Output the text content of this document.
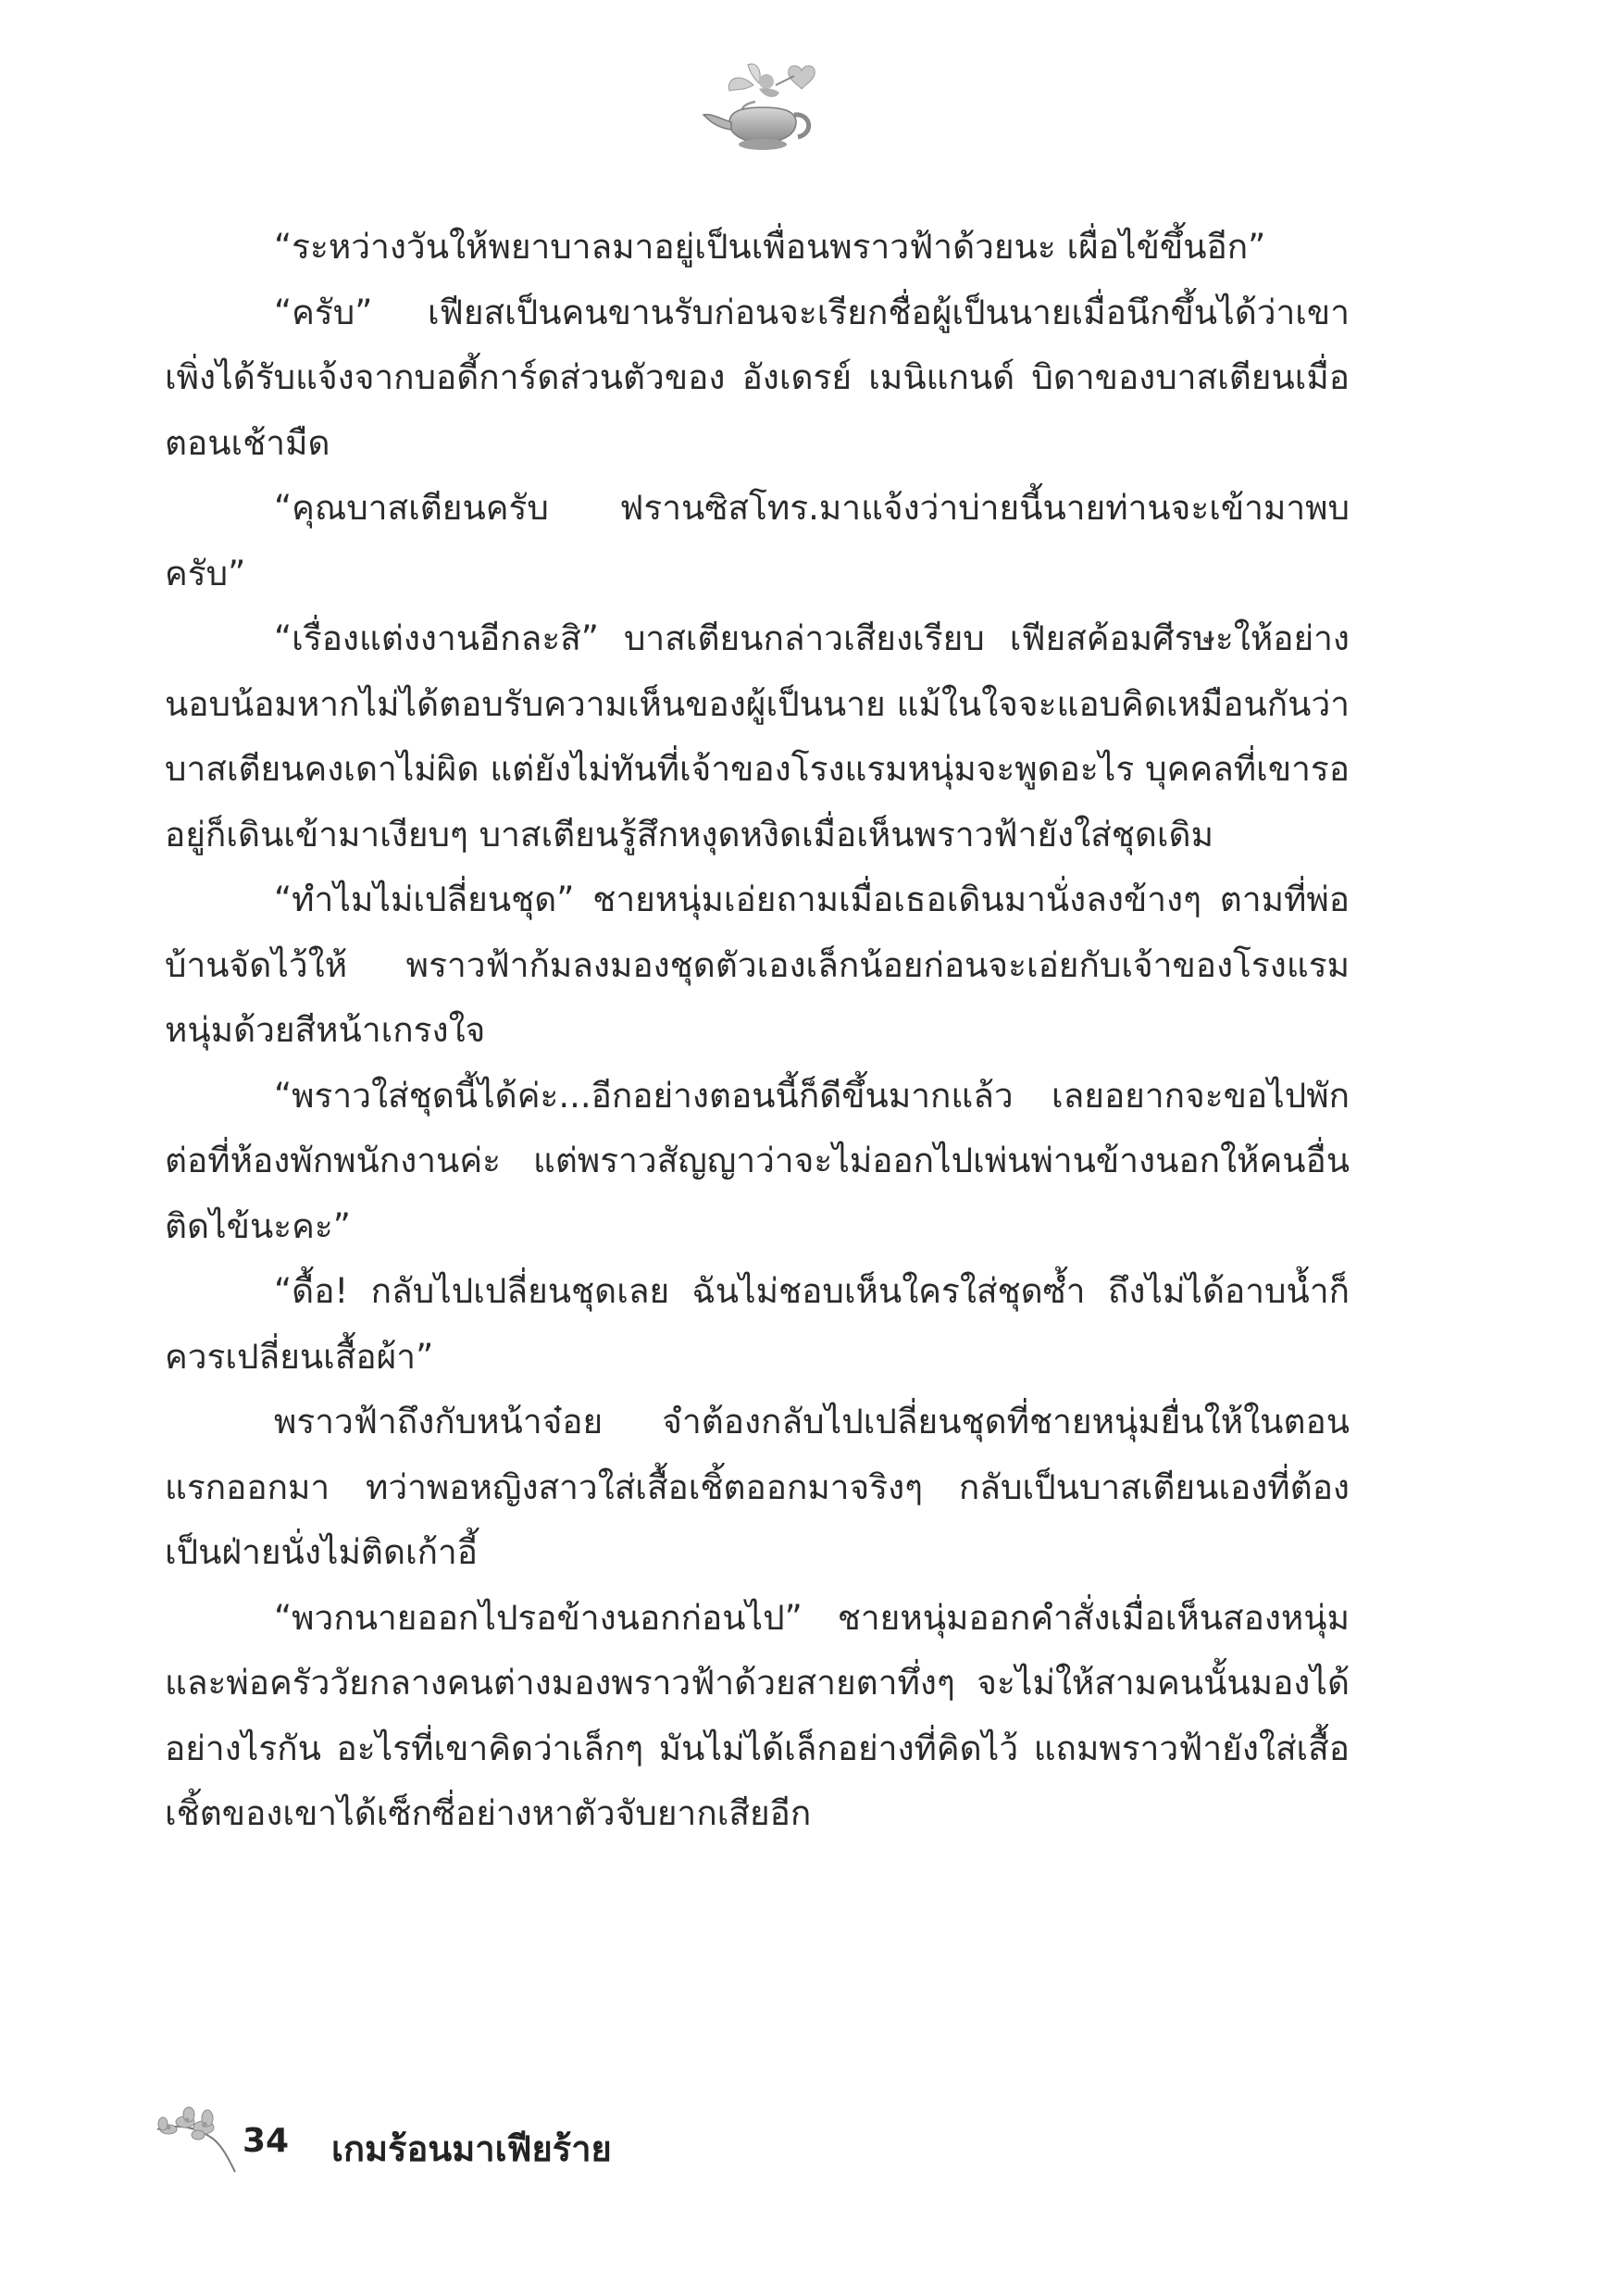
“ระหว่างวันให้พยาบาลมาอยู่เป็นเพื่อนพราวฟ้าด้วยนะ เผื่อไข้ขึ้นอีก”

“ครับ” เฟียสเป็นคนขานรับก่อนจะเรียกชื่อผู้เป็นนายเมื่อนึกขึ้นได้ว่าเขาเพิ่งได้รับแจ้งจากบอดี้การ์ดส่วนตัวของ อังเดรย์ เมนิแกนด์ บิดาของบาสเตียนเมื่อตอนเช้ามืด

“คุณบาสเตียนครับ ฟรานซิสโทร.มาแจ้งว่าบ่ายนี้นายท่านจะเข้ามาพบครับ”

“เรื่องแต่งงานอีกละสิ” บาสเตียนกล่าวเสียงเรียบ เฟียสค้อมศีรษะให้อย่างนอบน้อมหากไม่ได้ตอบรับความเห็นของผู้เป็นนาย แม้ในใจจะแอบคิดเหมือนกันว่าบาสเตียนคงเดาไม่ผิด แต่ยังไม่ทันที่เจ้าของโรงแรมหนุ่มจะพูดอะไร บุคคลที่เขารออยู่ก็เดินเข้ามาเงียบๆ บาสเตียนรู้สึกหงุดหงิดเมื่อเห็นพราวฟ้ายังใส่ชุดเดิม

“ทำไมไม่เปลี่ยนชุด” ชายหนุ่มเอ่ยถามเมื่อเธอเดินมานั่งลงข้างๆ ตามที่พ่อบ้านจัดไว้ให้ พราวฟ้าก้มลงมองชุดตัวเองเล็กน้อยก่อนจะเอ่ยกับเจ้าของโรงแรมหนุ่มด้วยสีหน้าเกรงใจ

“พราวใส่ชุดนี้ได้ค่ะ...อีกอย่างตอนนี้ก็ดีขึ้นมากแล้ว เลยอยากจะขอไปพักต่อที่ห้องพักพนักงานค่ะ แต่พราวสัญญาว่าจะไม่ออกไปเพ่นพ่านข้างนอกให้คนอื่นติดไข้นะคะ”

“ดื้อ! กลับไปเปลี่ยนชุดเลย ฉันไม่ชอบเห็นใครใส่ชุดซ้ำ ถึงไม่ได้อาบน้ำก็ควรเปลี่ยนเสื้อผ้า”

พราวฟ้าถึงกับหน้าจ๋อย จำต้องกลับไปเปลี่ยนชุดที่ชายหนุ่มยื่นให้ในตอนแรกออกมา ทว่าพอหญิงสาวใส่เสื้อเชิ้ตออกมาจริงๆ กลับเป็นบาสเตียนเองที่ต้องเป็นฝ่ายนั่งไม่ติดเก้าอี้

“พวกนายออกไปรอข้างนอกก่อนไป” ชายหนุ่มออกคำสั่งเมื่อเห็นสองหนุ่มและพ่อครัววัยกลางคนต่างมองพราวฟ้าด้วยสายตาทึ่งๆ จะไม่ให้สามคนนั้นมองได้อย่างไรกัน อะไรที่เขาคิดว่าเล็กๆ มันไม่ได้เล็กอย่างที่คิดไว้ แถมพราวฟ้ายังใส่เสื้อเชิ้ตของเขาได้เซ็กซี่อย่างหาตัวจับยากเสียอีก

34 เกมร้อนมาเฟียร้าย
